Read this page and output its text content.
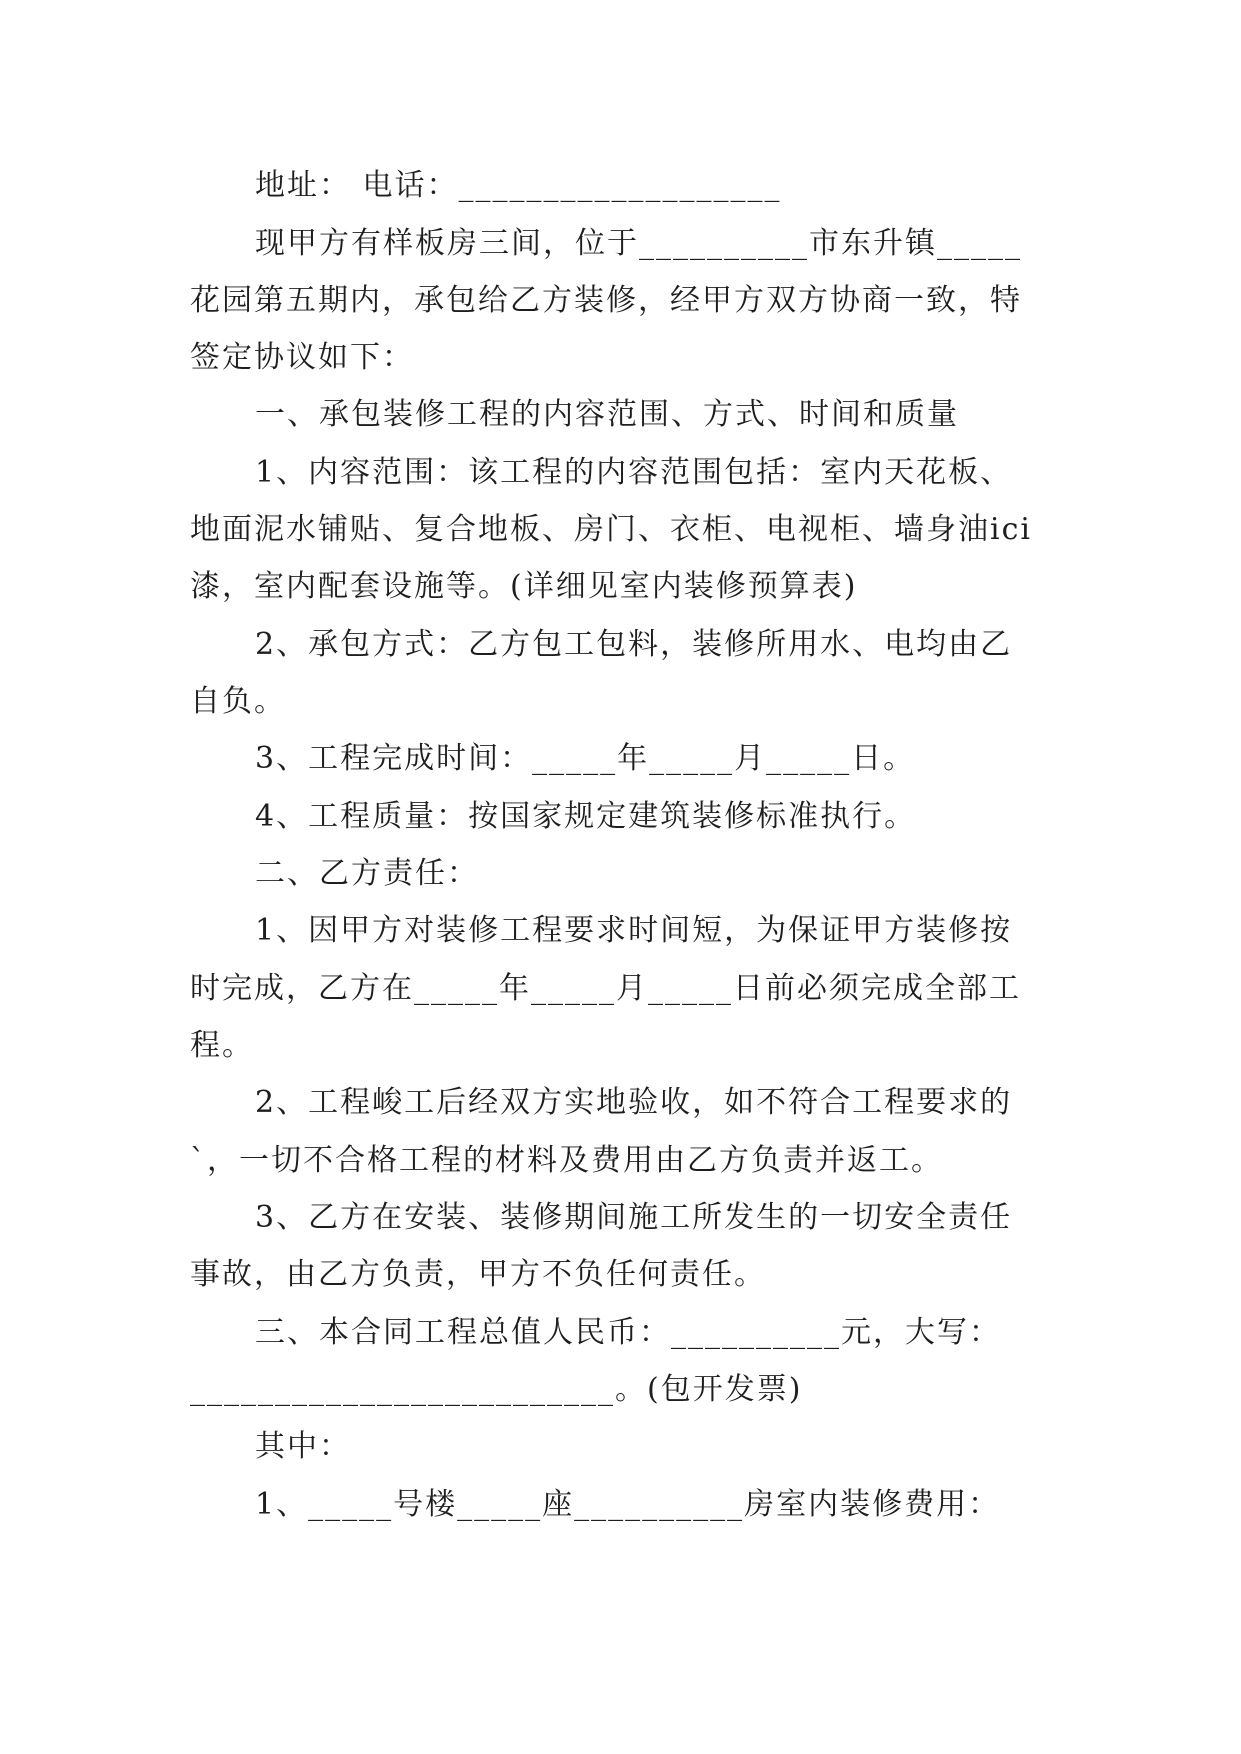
地址： 电话：___________________
现甲方有样板房三间，位于__________市东升镇_____
花园第五期内，承包给乙方装修，经甲方双方协商一致，特
签定协议如下：
一、承包装修工程的内容范围、方式、时间和质量
1、内容范围：该工程的内容范围包括：室内天花板、
地面泥水铺贴、复合地板、房门、衣柜、电视柜、墙身油ici
漆，室内配套设施等。(详细见室内装修预算表)
2、承包方式：乙方包工包料，装修所用水、电均由乙
自负。
3、工程完成时间：_____年_____月_____日。
4、工程质量：按国家规定建筑装修标准执行。
二、乙方责任：
1、因甲方对装修工程要求时间短，为保证甲方装修按
时完成，乙方在_____年_____月_____日前必须完成全部工
程。
2、工程峻工后经双方实地验收，如不符合工程要求的
`，一切不合格工程的材料及费用由乙方负责并返工。
3、乙方在安装、装修期间施工所发生的一切安全责任
事故，由乙方负责，甲方不负任何责任。
三、本合同工程总值人民币：__________元，大写：
_________________________。(包开发票)
其中：
1、_____号楼_____座__________房室内装修费用：
